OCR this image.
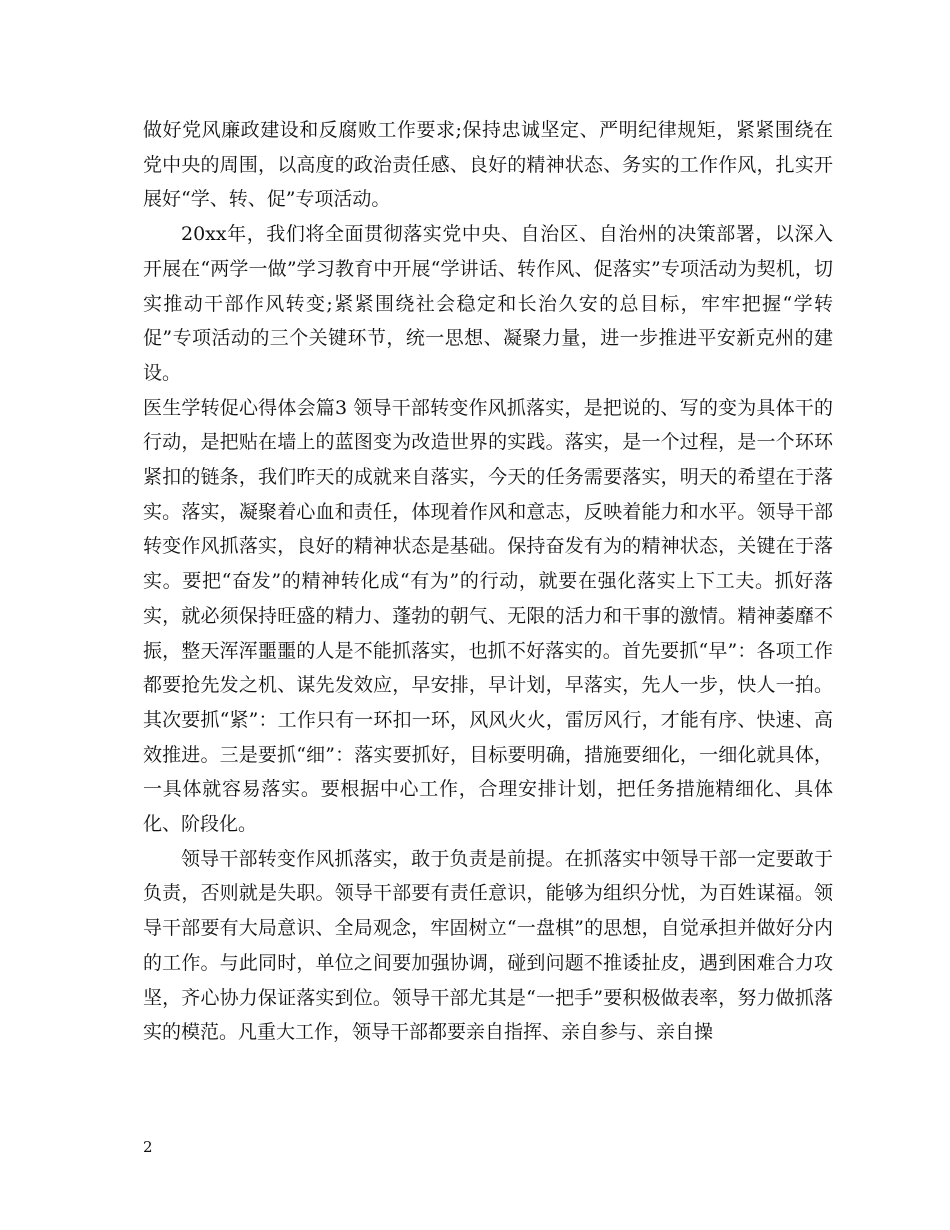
做好党风廉政建设和反腐败工作要求;保持忠诚坚定、严明纪律规矩，紧紧围绕在党中央的周围，以高度的政治责任感、良好的精神状态、务实的工作作风，扎实开展好“学、转、促”专项活动。

20xx年，我们将全面贯彻落实党中央、自治区、自治州的决策部署，以深入开展在“两学一做”学习教育中开展“学讲话、转作风、促落实”专项活动为契机，切实推动干部作风转变;紧紧围绕社会稳定和长治久安的总目标，牢牢把握“学转促”专项活动的三个关键环节，统一思想、凝聚力量，进一步推进平安新克州的建设。

医生学转促心得体会篇3 领导干部转变作风抓落实，是把说的、写的变为具体干的行动，是把贴在墙上的蓝图变为改造世界的实践。落实，是一个过程，是一个环环紧扣的链条，我们昨天的成就来自落实，今天的任务需要落实，明天的希望在于落实。落实，凝聚着心血和责任，体现着作风和意志，反映着能力和水平。领导干部转变作风抓落实，良好的精神状态是基础。保持奋发有为的精神状态，关键在于落实。要把“奋发”的精神转化成“有为”的行动，就要在强化落实上下工夫。抓好落实，就必须保持旺盛的精力、蓬勃的朝气、无限的活力和干事的激情。精神萎靡不振，整天浑浑噩噩的人是不能抓落实，也抓不好落实的。首先要抓“早”：各项工作都要抢先发之机、谋先发效应，早安排，早计划，早落实，先人一步，快人一拍。其次要抓“紧”：工作只有一环扣一环，风风火火，雷厉风行，才能有序、快速、高效推进。三是要抓“细”：落实要抓好，目标要明确，措施要细化，一细化就具体，一具体就容易落实。要根据中心工作，合理安排计划，把任务措施精细化、具体化、阶段化。

领导干部转变作风抓落实，敢于负责是前提。在抓落实中领导干部一定要敢于负责，否则就是失职。领导干部要有责任意识，能够为组织分忧，为百姓谋福。领导干部要有大局意识、全局观念，牢固树立“一盘棋”的思想，自觉承担并做好分内的工作。与此同时，单位之间要加强协调，碰到问题不推诿扯皮，遇到困难合力攻坚，齐心协力保证落实到位。领导干部尤其是“一把手”要积极做表率，努力做抓落实的模范。凡重大工作，领导干部都要亲自指挥、亲自参与、亲自操

2
